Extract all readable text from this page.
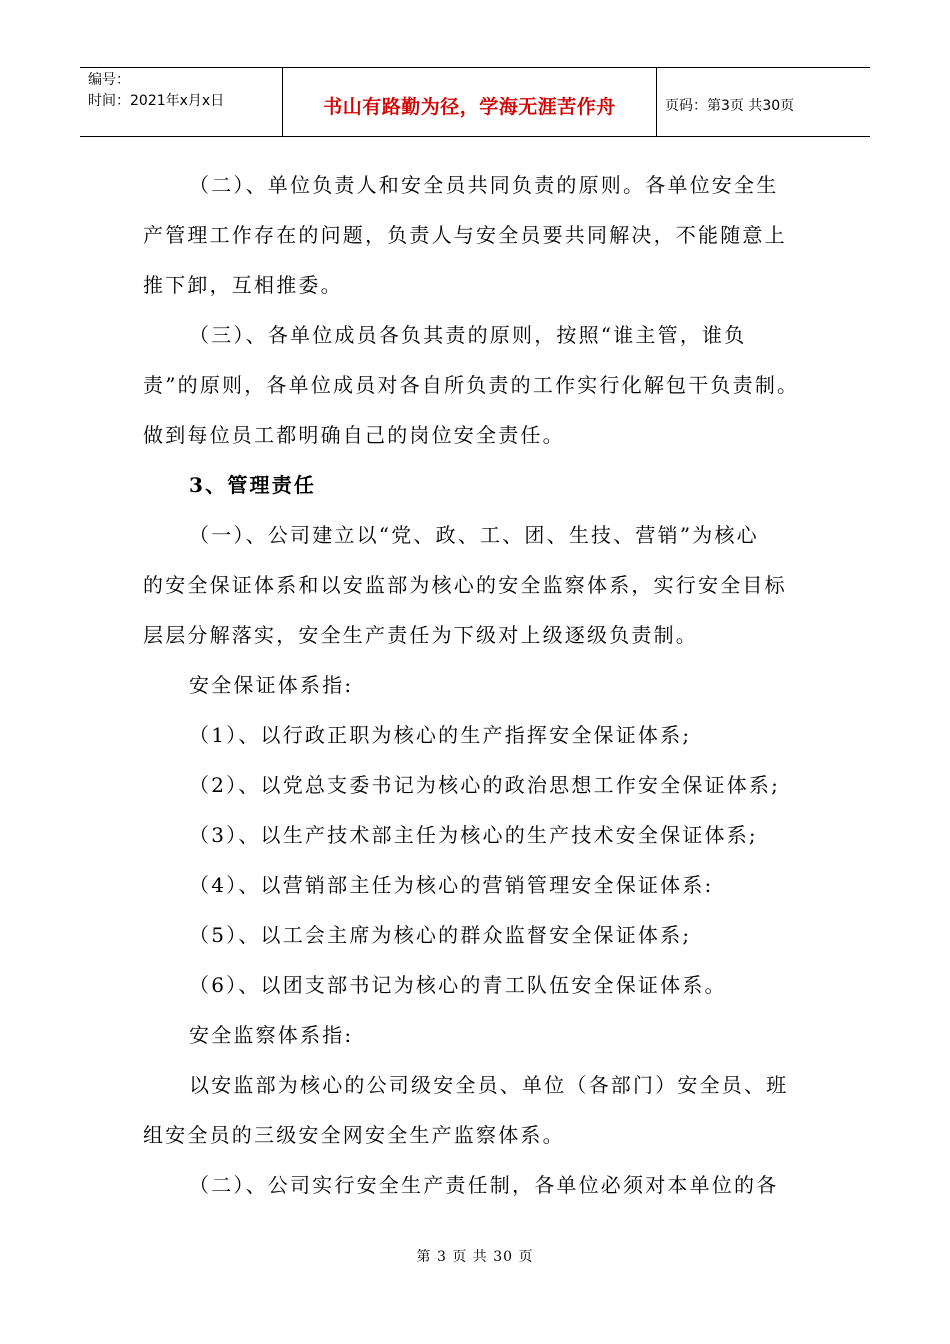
编号：
时间：2021年x月x日	书山有路勤为径，学海无涯苦作舟	页码：第3页 共30页

（二）、单位负责人和安全员共同负责的原则。各单位安全生

产管理工作存在的问题，负责人与安全员要共同解决，不能随意上

推下卸，互相推委。

（三）、各单位成员各负其责的原则，按照“谁主管，谁负

责”的原则，各单位成员对各自所负责的工作实行化解包干负责制。

做到每位员工都明确自己的岗位安全责任。

3、管理责任

（一）、公司建立以“党、政、工、团、生技、营销”为核心

的安全保证体系和以安监部为核心的安全监察体系，实行安全目标

层层分解落实，安全生产责任为下级对上级逐级负责制。

安全保证体系指:

（1）、以行政正职为核心的生产指挥安全保证体系;

（2）、以党总支委书记为核心的政治思想工作安全保证体系;

（3）、以生产技术部主任为核心的生产技术安全保证体系;

（4）、以营销部主任为核心的营销管理安全保证体系:

（5）、以工会主席为核心的群众监督安全保证体系;

（6）、以团支部书记为核心的青工队伍安全保证体系。

安全监察体系指:

以安监部为核心的公司级安全员、单位（各部门）安全员、班

组安全员的三级安全网安全生产监察体系。

（二）、公司实行安全生产责任制，各单位必须对本单位的各

第 3 页 共 30 页
